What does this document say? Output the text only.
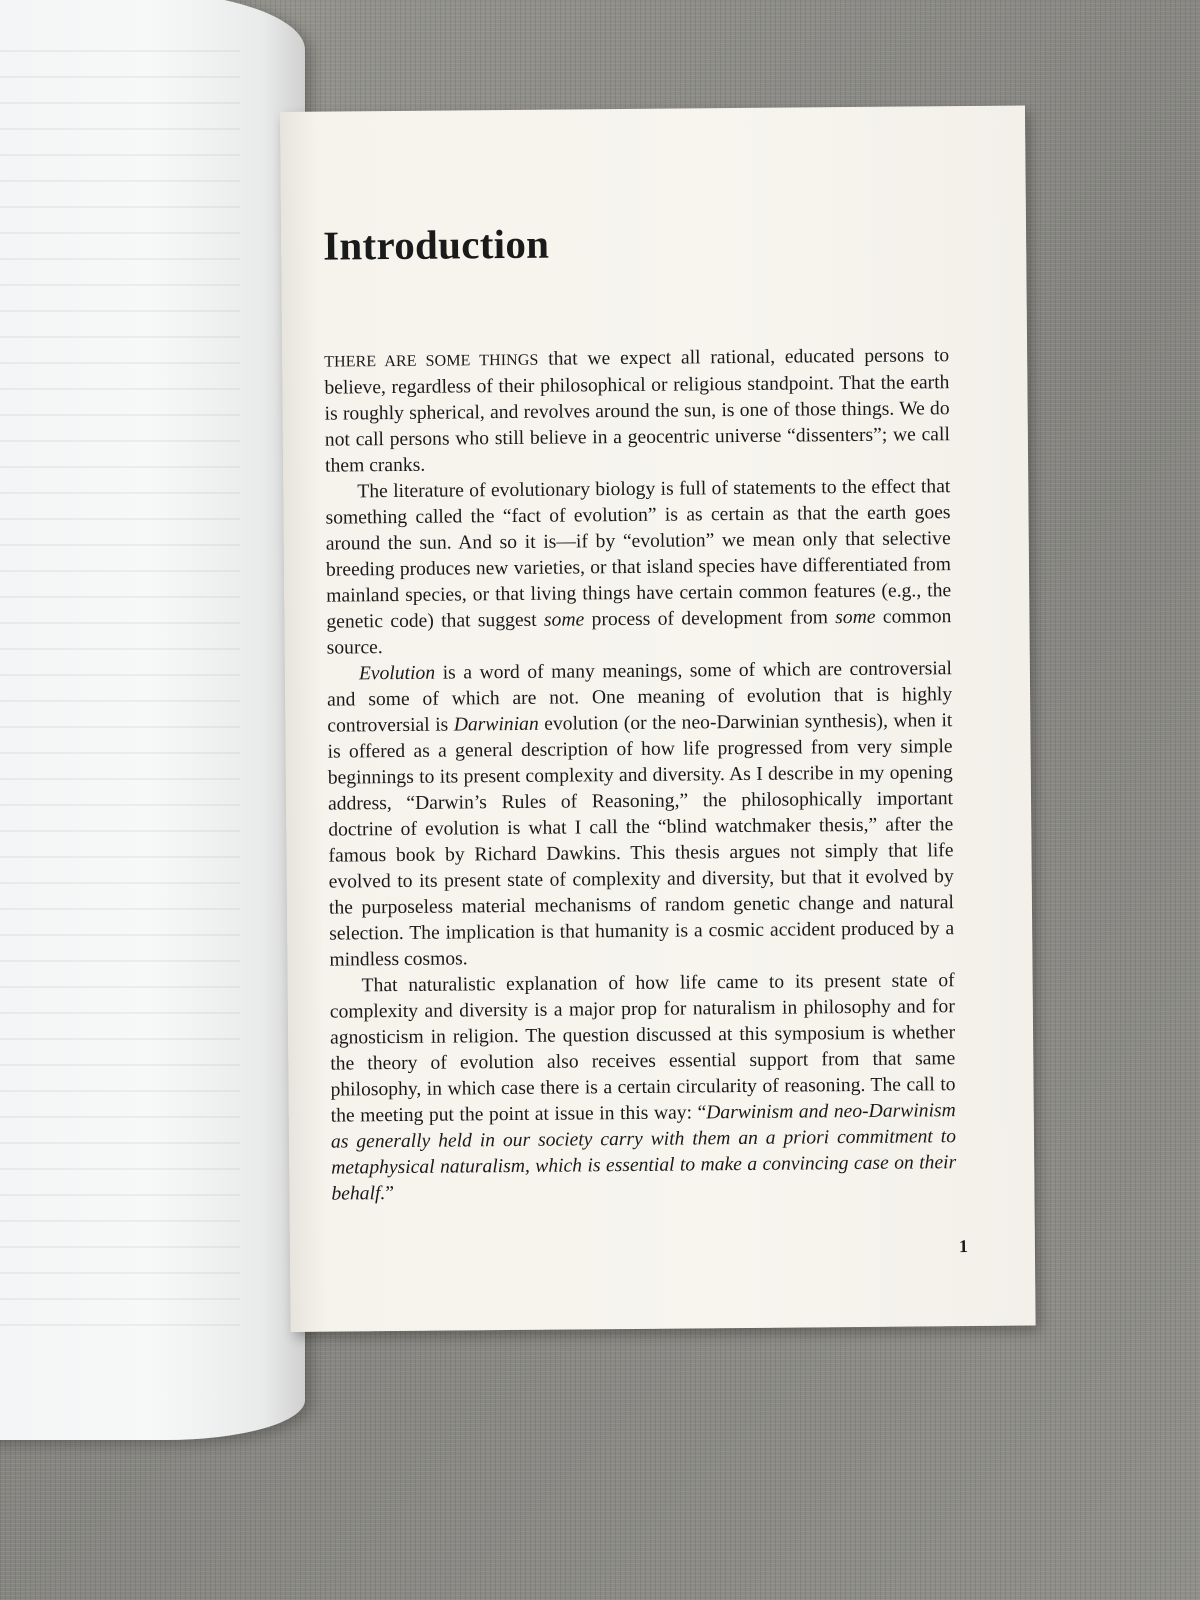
Introduction

THERE ARE SOME THINGS that we expect all rational, educated persons to believe, regardless of their philosophical or religious standpoint. That the earth is roughly spherical, and revolves around the sun, is one of those things. We do not call persons who still believe in a geocentric universe “dissenters”; we call them cranks.

The literature of evolutionary biology is full of statements to the effect that something called the “fact of evolution” is as certain as that the earth goes around the sun. And so it is—if by “evolution” we mean only that selective breeding produces new varieties, or that island species have differentiated from mainland species, or that living things have certain common features (e.g., the genetic code) that suggest some process of development from some common source.

Evolution is a word of many meanings, some of which are controversial and some of which are not. One meaning of evolution that is highly controversial is Darwinian evolution (or the neo-Darwinian synthesis), when it is offered as a general description of how life progressed from very simple beginnings to its present complexity and diversity. As I describe in my opening address, “Darwin’s Rules of Reasoning,” the philosophically important doctrine of evolution is what I call the “blind watchmaker thesis,” after the famous book by Richard Dawkins. This thesis argues not simply that life evolved to its present state of complexity and diversity, but that it evolved by the purposeless material mechanisms of random genetic change and natural selection. The implication is that humanity is a cosmic accident produced by a mindless cosmos.

That naturalistic explanation of how life came to its present state of complexity and diversity is a major prop for naturalism in philosophy and for agnosticism in religion. The question discussed at this symposium is whether the theory of evolution also receives essential support from that same philosophy, in which case there is a certain circularity of reasoning. The call to the meeting put the point at issue in this way: “Darwinism and neo-Darwinism as generally held in our society carry with them an a priori commitment to metaphysical naturalism, which is essential to make a convincing case on their behalf.”

1
